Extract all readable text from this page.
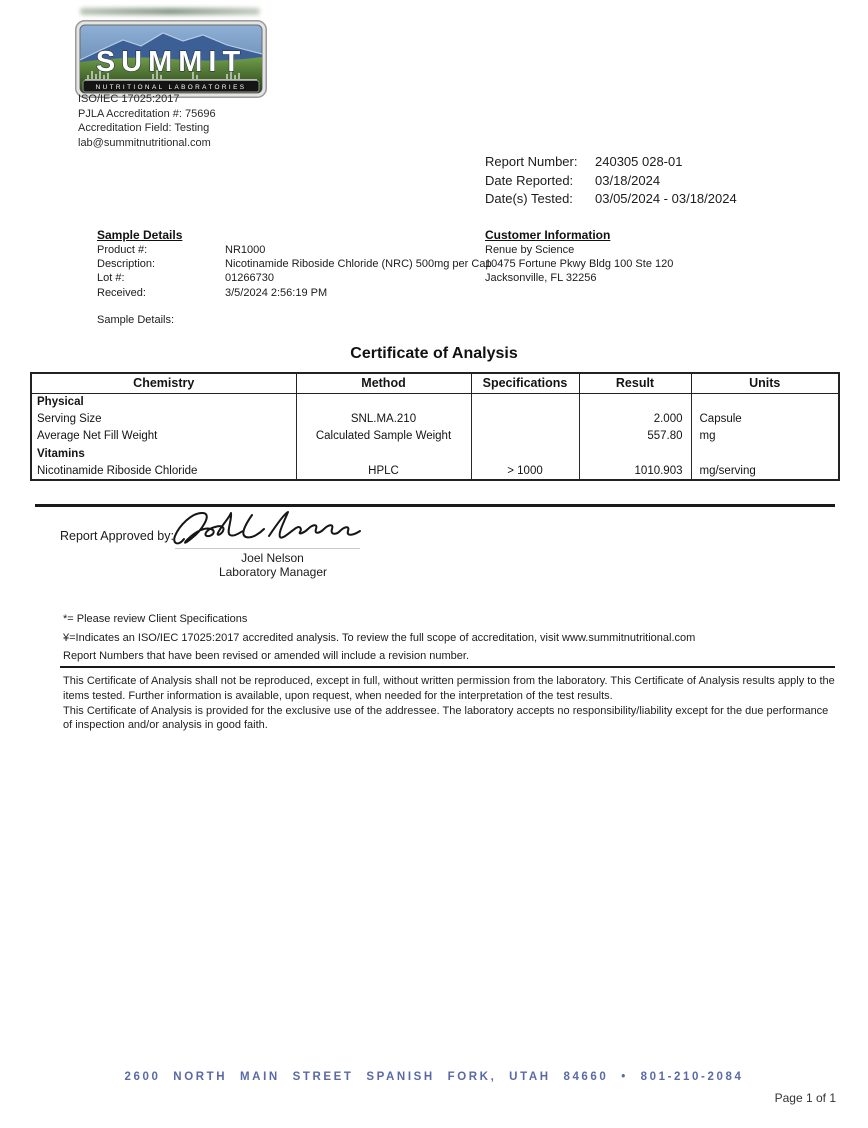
SUMMIT
NUTRITIONAL LABORATORIES
ISO/IEC 17025:2017
PJLA Accreditation #: 75696
Accreditation Field: Testing
lab@summitnutritional.com
Report Number: 240305 028-01
Date Reported: 03/18/2024
Date(s) Tested: 03/05/2024 - 03/18/2024
Sample Details
Product #:	NR1000
Description:	Nicotinamide Riboside Chloride (NRC) 500mg per Cap
Lot #:	01266730
Received:	3/5/2024 2:56:19 PM
Sample Details:
Customer Information
Renue by Science
10475 Fortune Pkwy Bldg 100 Ste 120
Jacksonville, FL 32256
Certificate of Analysis
Chemistry	Method	Specifications	Result	Units
Physical				
Serving Size	SNL.MA.210		2.000	Capsule
Average Net Fill Weight	Calculated Sample Weight		557.80	mg
Vitamins				
Nicotinamide Riboside Chloride	HPLC	> 1000	1010.903	mg/serving
Report Approved by:
Joel Nelson
Laboratory Manager
*= Please review Client Specifications
¥=Indicates an ISO/IEC 17025:2017 accredited analysis. To review the full scope of accreditation, visit www.summitnutritional.com
Report Numbers that have been revised or amended will include a revision number.
This Certificate of Analysis shall not be reproduced, except in full, without written permission from the laboratory. This Certificate of Analysis results apply to the items tested. Further information is available, upon request, when needed for the interpretation of the test results.
This Certificate of Analysis is provided for the exclusive use of the addressee. The laboratory accepts no responsibility/liability except for the due performance of inspection and/or analysis in good faith.
2600 NORTH MAIN STREET SPANISH FORK, UTAH 84660 • 801-210-2084
Page 1 of 1
